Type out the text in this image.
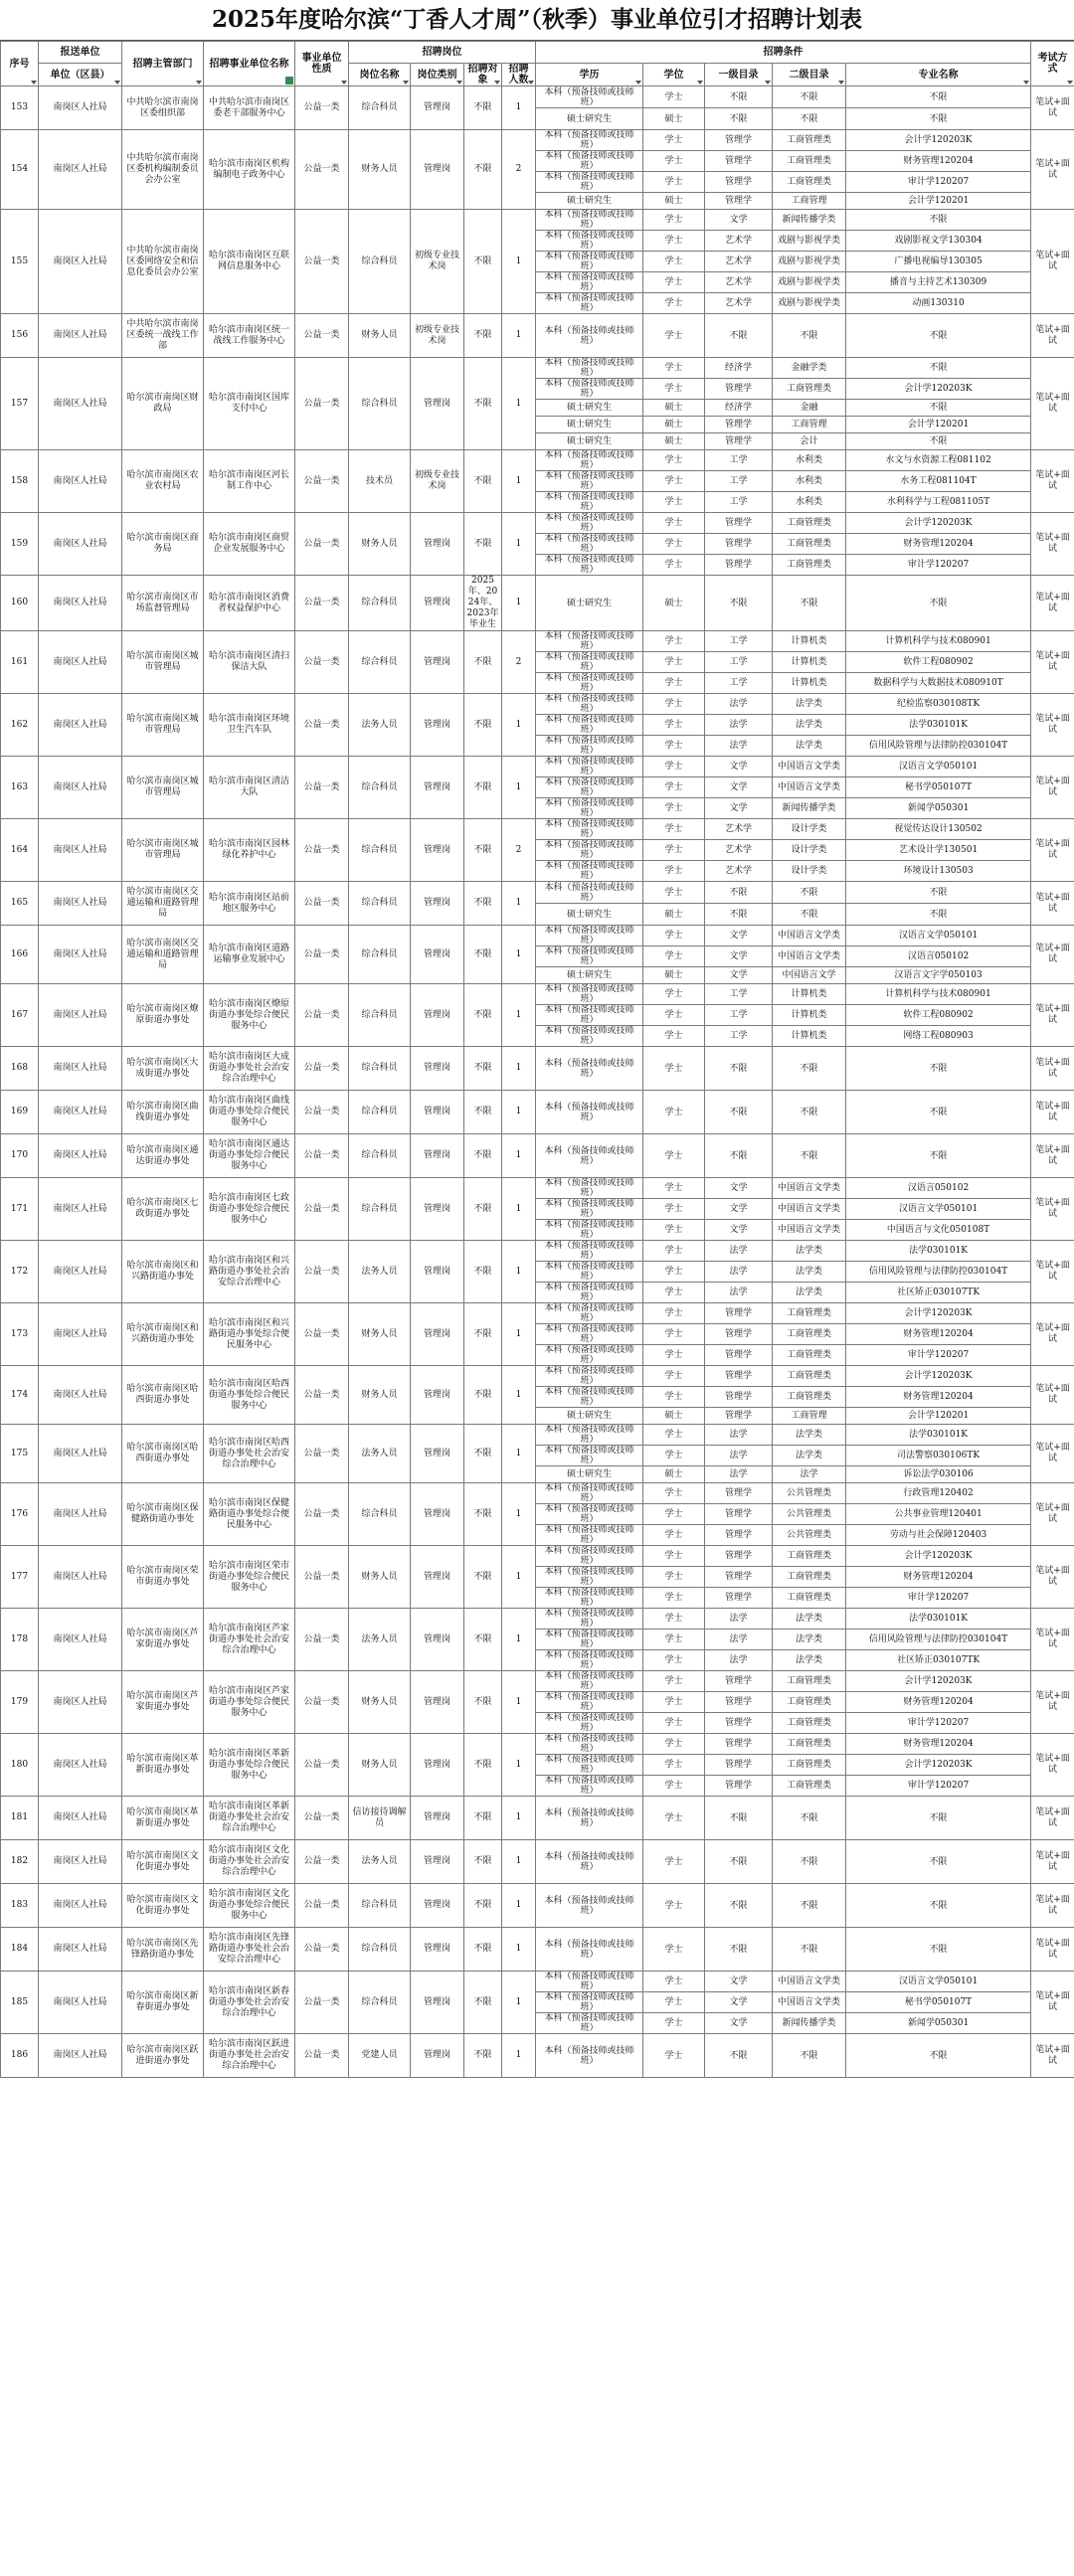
2025年度哈尔滨“丁香人才周”（秋季）事业单位引才招聘计划表
序号	报送单位	招聘主管部门	招聘事业单位名称	事业单位性质	招聘岗位				招聘条件					考试方式

	单位（区县）				岗位名称	岗位类别	招聘对象	招聘人数	学历	学位	一级目录	二级目录	专业名称	

153	南岗区人社局	中共哈尔滨市南岗区委组织部	中共哈尔滨市南岗区委老干部服务中心	公益一类	综合科员	管理岗	不限	1	本科（预备技师或技师班）	学士	不限	不限	不限	笔试+面试
									硕士研究生	硕士	不限	不限	不限	
154	南岗区人社局	中共哈尔滨市南岗区委机构编制委员会办公室	哈尔滨市南岗区机构编制电子政务中心	公益一类	财务人员	管理岗	不限	2	本科（预备技师或技师班）	学士	管理学	工商管理类	会计学120203K	笔试+面试
									本科（预备技师或技师班）	学士	管理学	工商管理类	财务管理120204	
									本科（预备技师或技师班）	学士	管理学	工商管理类	审计学120207	
									硕士研究生	硕士	管理学	工商管理	会计学120201	
155	南岗区人社局	中共哈尔滨市南岗区委网络安全和信息化委员会办公室	哈尔滨市南岗区互联网信息服务中心	公益一类	综合科员	初级专业技术岗	不限	1	本科（预备技师或技师班）	学士	文学	新闻传播学类	不限	笔试+面试
									本科（预备技师或技师班）	学士	艺术学	戏剧与影视学类	戏剧影视文学130304	
									本科（预备技师或技师班）	学士	艺术学	戏剧与影视学类	广播电视编导130305	
									本科（预备技师或技师班）	学士	艺术学	戏剧与影视学类	播音与主持艺术130309	
									本科（预备技师或技师班）	学士	艺术学	戏剧与影视学类	动画130310	
156	南岗区人社局	中共哈尔滨市南岗区委统一战线工作部	哈尔滨市南岗区统一战线工作服务中心	公益一类	财务人员	初级专业技术岗	不限	1	本科（预备技师或技师班）	学士	不限	不限	不限	笔试+面试
157	南岗区人社局	哈尔滨市南岗区财政局	哈尔滨市南岗区国库支付中心	公益一类	综合科员	管理岗	不限	1	本科（预备技师或技师班）	学士	经济学	金融学类	不限	笔试+面试
									本科（预备技师或技师班）	学士	管理学	工商管理类	会计学120203K	
									硕士研究生	硕士	经济学	金融	不限	
									硕士研究生	硕士	管理学	工商管理	会计学120201	
									硕士研究生	硕士	管理学	会计	不限	
158	南岗区人社局	哈尔滨市南岗区农业农村局	哈尔滨市南岗区河长制工作中心	公益一类	技术员	初级专业技术岗	不限	1	本科（预备技师或技师班）	学士	工学	水利类	水文与水资源工程081102	笔试+面试
									本科（预备技师或技师班）	学士	工学	水利类	水务工程081104T	
									本科（预备技师或技师班）	学士	工学	水利类	水利科学与工程081105T	
159	南岗区人社局	哈尔滨市南岗区商务局	哈尔滨市南岗区商贸企业发展服务中心	公益一类	财务人员	管理岗	不限	1	本科（预备技师或技师班）	学士	管理学	工商管理类	会计学120203K	笔试+面试
									本科（预备技师或技师班）	学士	管理学	工商管理类	财务管理120204	
									本科（预备技师或技师班）	学士	管理学	工商管理类	审计学120207	
160	南岗区人社局	哈尔滨市南岗区市场监督管理局	哈尔滨市南岗区消费者权益保护中心	公益一类	综合科员	管理岗	2025年、2024年、2023年毕业生	1	硕士研究生	硕士	不限	不限	不限	笔试+面试
161	南岗区人社局	哈尔滨市南岗区城市管理局	哈尔滨市南岗区清扫保洁大队	公益一类	综合科员	管理岗	不限	2	本科（预备技师或技师班）	学士	工学	计算机类	计算机科学与技术080901	笔试+面试
									本科（预备技师或技师班）	学士	工学	计算机类	软件工程080902	
									本科（预备技师或技师班）	学士	工学	计算机类	数据科学与大数据技术080910T	
162	南岗区人社局	哈尔滨市南岗区城市管理局	哈尔滨市南岗区环境卫生汽车队	公益一类	法务人员	管理岗	不限	1	本科（预备技师或技师班）	学士	法学	法学类	纪检监察030108TK	笔试+面试
									本科（预备技师或技师班）	学士	法学	法学类	法学030101K	
									本科（预备技师或技师班）	学士	法学	法学类	信用风险管理与法律防控030104T	
163	南岗区人社局	哈尔滨市南岗区城市管理局	哈尔滨市南岗区清洁大队	公益一类	综合科员	管理岗	不限	1	本科（预备技师或技师班）	学士	文学	中国语言文学类	汉语言文学050101	笔试+面试
									本科（预备技师或技师班）	学士	文学	中国语言文学类	秘书学050107T	
									本科（预备技师或技师班）	学士	文学	新闻传播学类	新闻学050301	
164	南岗区人社局	哈尔滨市南岗区城市管理局	哈尔滨市南岗区园林绿化养护中心	公益一类	综合科员	管理岗	不限	2	本科（预备技师或技师班）	学士	艺术学	设计学类	视觉传达设计130502	笔试+面试
									本科（预备技师或技师班）	学士	艺术学	设计学类	艺术设计学130501	
									本科（预备技师或技师班）	学士	艺术学	设计学类	环境设计130503	
165	南岗区人社局	哈尔滨市南岗区交通运输和道路管理局	哈尔滨市南岗区站前地区服务中心	公益一类	综合科员	管理岗	不限	1	本科（预备技师或技师班）	学士	不限	不限	不限	笔试+面试
									硕士研究生	硕士	不限	不限	不限	
166	南岗区人社局	哈尔滨市南岗区交通运输和道路管理局	哈尔滨市南岗区道路运输事业发展中心	公益一类	综合科员	管理岗	不限	1	本科（预备技师或技师班）	学士	文学	中国语言文学类	汉语言文学050101	笔试+面试
									本科（预备技师或技师班）	学士	文学	中国语言文学类	汉语言050102	
									硕士研究生	硕士	文学	中国语言文学	汉语言文字学050103	
167	南岗区人社局	哈尔滨市南岗区燎原街道办事处	哈尔滨市南岗区燎原街道办事处综合便民服务中心	公益一类	综合科员	管理岗	不限	1	本科（预备技师或技师班）	学士	工学	计算机类	计算机科学与技术080901	笔试+面试
									本科（预备技师或技师班）	学士	工学	计算机类	软件工程080902	
									本科（预备技师或技师班）	学士	工学	计算机类	网络工程080903	
168	南岗区人社局	哈尔滨市南岗区大成街道办事处	哈尔滨市南岗区大成街道办事处社会治安综合治理中心	公益一类	综合科员	管理岗	不限	1	本科（预备技师或技师班）	学士	不限	不限	不限	笔试+面试
169	南岗区人社局	哈尔滨市南岗区曲线街道办事处	哈尔滨市南岗区曲线街道办事处综合便民服务中心	公益一类	综合科员	管理岗	不限	1	本科（预备技师或技师班）	学士	不限	不限	不限	笔试+面试
170	南岗区人社局	哈尔滨市南岗区通达街道办事处	哈尔滨市南岗区通达街道办事处综合便民服务中心	公益一类	综合科员	管理岗	不限	1	本科（预备技师或技师班）	学士	不限	不限	不限	笔试+面试
171	南岗区人社局	哈尔滨市南岗区七政街道办事处	哈尔滨市南岗区七政街道办事处综合便民服务中心	公益一类	综合科员	管理岗	不限	1	本科（预备技师或技师班）	学士	文学	中国语言文学类	汉语言050102	笔试+面试
									本科（预备技师或技师班）	学士	文学	中国语言文学类	汉语言文学050101	
									本科（预备技师或技师班）	学士	文学	中国语言文学类	中国语言与文化050108T	
172	南岗区人社局	哈尔滨市南岗区和兴路街道办事处	哈尔滨市南岗区和兴路街道办事处社会治安综合治理中心	公益一类	法务人员	管理岗	不限	1	本科（预备技师或技师班）	学士	法学	法学类	法学030101K	笔试+面试
									本科（预备技师或技师班）	学士	法学	法学类	信用风险管理与法律防控030104T	
									本科（预备技师或技师班）	学士	法学	法学类	社区矫正030107TK	
173	南岗区人社局	哈尔滨市南岗区和兴路街道办事处	哈尔滨市南岗区和兴路街道办事处综合便民服务中心	公益一类	财务人员	管理岗	不限	1	本科（预备技师或技师班）	学士	管理学	工商管理类	会计学120203K	笔试+面试
									本科（预备技师或技师班）	学士	管理学	工商管理类	财务管理120204	
									本科（预备技师或技师班）	学士	管理学	工商管理类	审计学120207	
174	南岗区人社局	哈尔滨市南岗区哈西街道办事处	哈尔滨市南岗区哈西街道办事处综合便民服务中心	公益一类	财务人员	管理岗	不限	1	本科（预备技师或技师班）	学士	管理学	工商管理类	会计学120203K	笔试+面试
									本科（预备技师或技师班）	学士	管理学	工商管理类	财务管理120204	
									硕士研究生	硕士	管理学	工商管理	会计学120201	
175	南岗区人社局	哈尔滨市南岗区哈西街道办事处	哈尔滨市南岗区哈西街道办事处社会治安综合治理中心	公益一类	法务人员	管理岗	不限	1	本科（预备技师或技师班）	学士	法学	法学类	法学030101K	笔试+面试
									本科（预备技师或技师班）	学士	法学	法学类	司法警察030106TK	
									硕士研究生	硕士	法学	法学	诉讼法学030106	
176	南岗区人社局	哈尔滨市南岗区保健路街道办事处	哈尔滨市南岗区保健路街道办事处综合便民服务中心	公益一类	综合科员	管理岗	不限	1	本科（预备技师或技师班）	学士	管理学	公共管理类	行政管理120402	笔试+面试
									本科（预备技师或技师班）	学士	管理学	公共管理类	公共事业管理120401	
									本科（预备技师或技师班）	学士	管理学	公共管理类	劳动与社会保障120403	
177	南岗区人社局	哈尔滨市南岗区荣市街道办事处	哈尔滨市南岗区荣市街道办事处综合便民服务中心	公益一类	财务人员	管理岗	不限	1	本科（预备技师或技师班）	学士	管理学	工商管理类	会计学120203K	笔试+面试
									本科（预备技师或技师班）	学士	管理学	工商管理类	财务管理120204	
									本科（预备技师或技师班）	学士	管理学	工商管理类	审计学120207	
178	南岗区人社局	哈尔滨市南岗区芦家街道办事处	哈尔滨市南岗区芦家街道办事处社会治安综合治理中心	公益一类	法务人员	管理岗	不限	1	本科（预备技师或技师班）	学士	法学	法学类	法学030101K	笔试+面试
									本科（预备技师或技师班）	学士	法学	法学类	信用风险管理与法律防控030104T	
									本科（预备技师或技师班）	学士	法学	法学类	社区矫正030107TK	
179	南岗区人社局	哈尔滨市南岗区芦家街道办事处	哈尔滨市南岗区芦家街道办事处综合便民服务中心	公益一类	财务人员	管理岗	不限	1	本科（预备技师或技师班）	学士	管理学	工商管理类	会计学120203K	笔试+面试
									本科（预备技师或技师班）	学士	管理学	工商管理类	财务管理120204	
									本科（预备技师或技师班）	学士	管理学	工商管理类	审计学120207	
180	南岗区人社局	哈尔滨市南岗区革新街道办事处	哈尔滨市南岗区革新街道办事处综合便民服务中心	公益一类	财务人员	管理岗	不限	1	本科（预备技师或技师班）	学士	管理学	工商管理类	财务管理120204	笔试+面试
									本科（预备技师或技师班）	学士	管理学	工商管理类	会计学120203K	
									本科（预备技师或技师班）	学士	管理学	工商管理类	审计学120207	
181	南岗区人社局	哈尔滨市南岗区革新街道办事处	哈尔滨市南岗区革新街道办事处社会治安综合治理中心	公益一类	信访接待调解员	管理岗	不限	1	本科（预备技师或技师班）	学士	不限	不限	不限	笔试+面试
182	南岗区人社局	哈尔滨市南岗区文化街道办事处	哈尔滨市南岗区文化街道办事处社会治安综合治理中心	公益一类	法务人员	管理岗	不限	1	本科（预备技师或技师班）	学士	不限	不限	不限	笔试+面试
183	南岗区人社局	哈尔滨市南岗区文化街道办事处	哈尔滨市南岗区文化街道办事处综合便民服务中心	公益一类	综合科员	管理岗	不限	1	本科（预备技师或技师班）	学士	不限	不限	不限	笔试+面试
184	南岗区人社局	哈尔滨市南岗区先锋路街道办事处	哈尔滨市南岗区先锋路街道办事处社会治安综合治理中心	公益一类	综合科员	管理岗	不限	1	本科（预备技师或技师班）	学士	不限	不限	不限	笔试+面试
185	南岗区人社局	哈尔滨市南岗区新春街道办事处	哈尔滨市南岗区新春街道办事处社会治安综合治理中心	公益一类	综合科员	管理岗	不限	1	本科（预备技师或技师班）	学士	文学	中国语言文学类	汉语言文学050101	笔试+面试
									本科（预备技师或技师班）	学士	文学	中国语言文学类	秘书学050107T	
									本科（预备技师或技师班）	学士	文学	新闻传播学类	新闻学050301	
186	南岗区人社局	哈尔滨市南岗区跃进街道办事处	哈尔滨市南岗区跃进街道办事处社会治安综合治理中心	公益一类	党建人员	管理岗	不限	1	本科（预备技师或技师班）	学士	不限	不限	不限	笔试+面试
